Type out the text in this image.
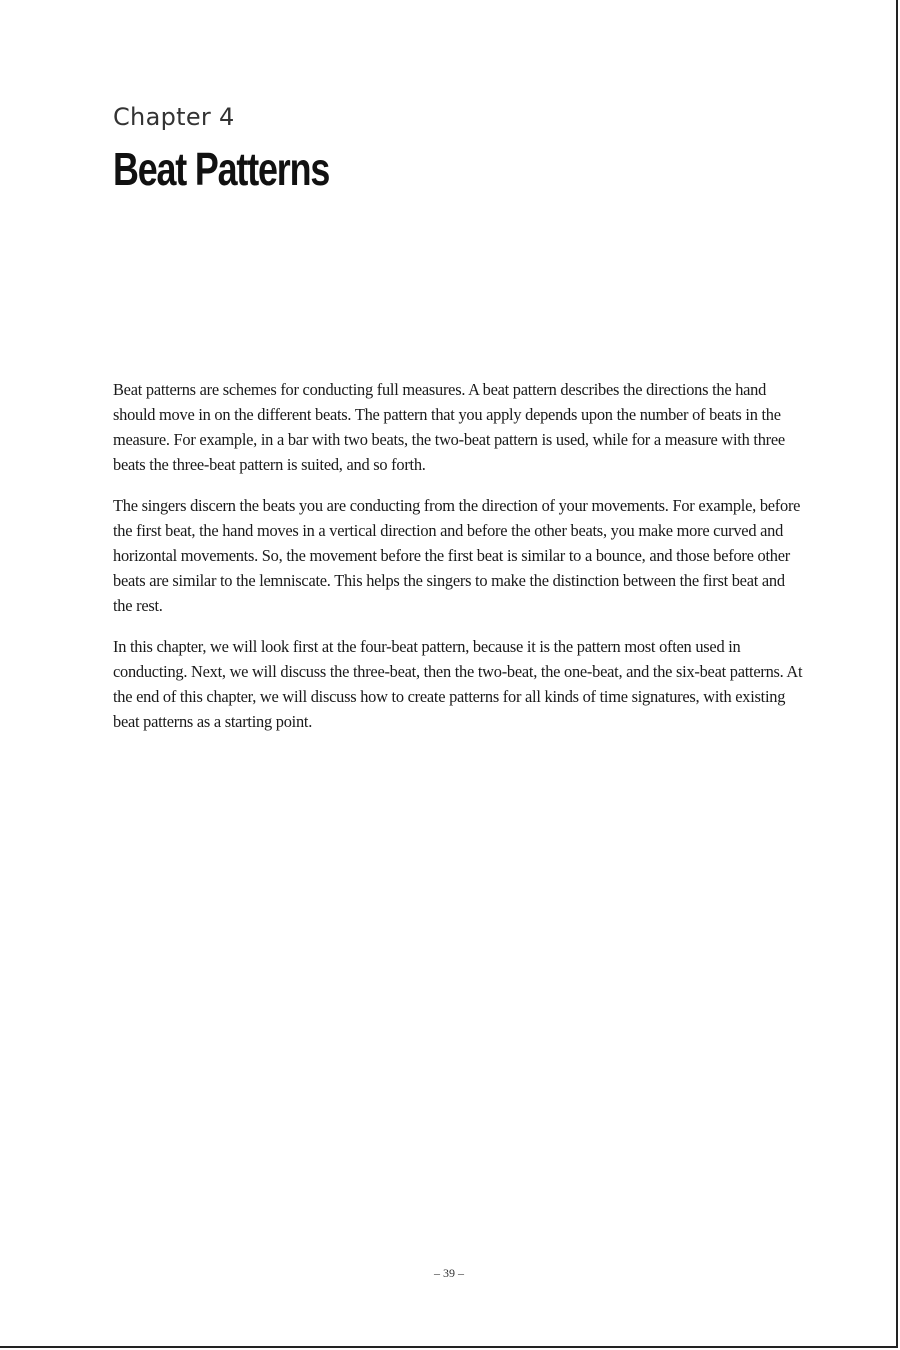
Chapter 4
Beat Patterns

Beat patterns are schemes for conducting full measures. A beat pattern describes the directions the hand should move in on the different beats. The pattern that you apply depends upon the number of beats in the measure. For example, in a bar with two beats, the two-beat pattern is used, while for a measure with three beats the three-beat pattern is suited, and so forth.

The singers discern the beats you are conducting from the direction of your movements. For example, before the first beat, the hand moves in a vertical direction and before the other beats, you make more curved and horizontal movements. So, the movement before the first beat is similar to a bounce, and those before other beats are similar to the lemniscate. This helps the singers to make the distinction between the first beat and the rest.

In this chapter, we will look first at the four-beat pattern, because it is the pattern most often used in conducting. Next, we will discuss the three-beat, then the two-beat, the one-beat, and the six-beat patterns. At the end of this chapter, we will discuss how to create patterns for all kinds of time signatures, with existing beat patterns as a starting point.

– 39 –
